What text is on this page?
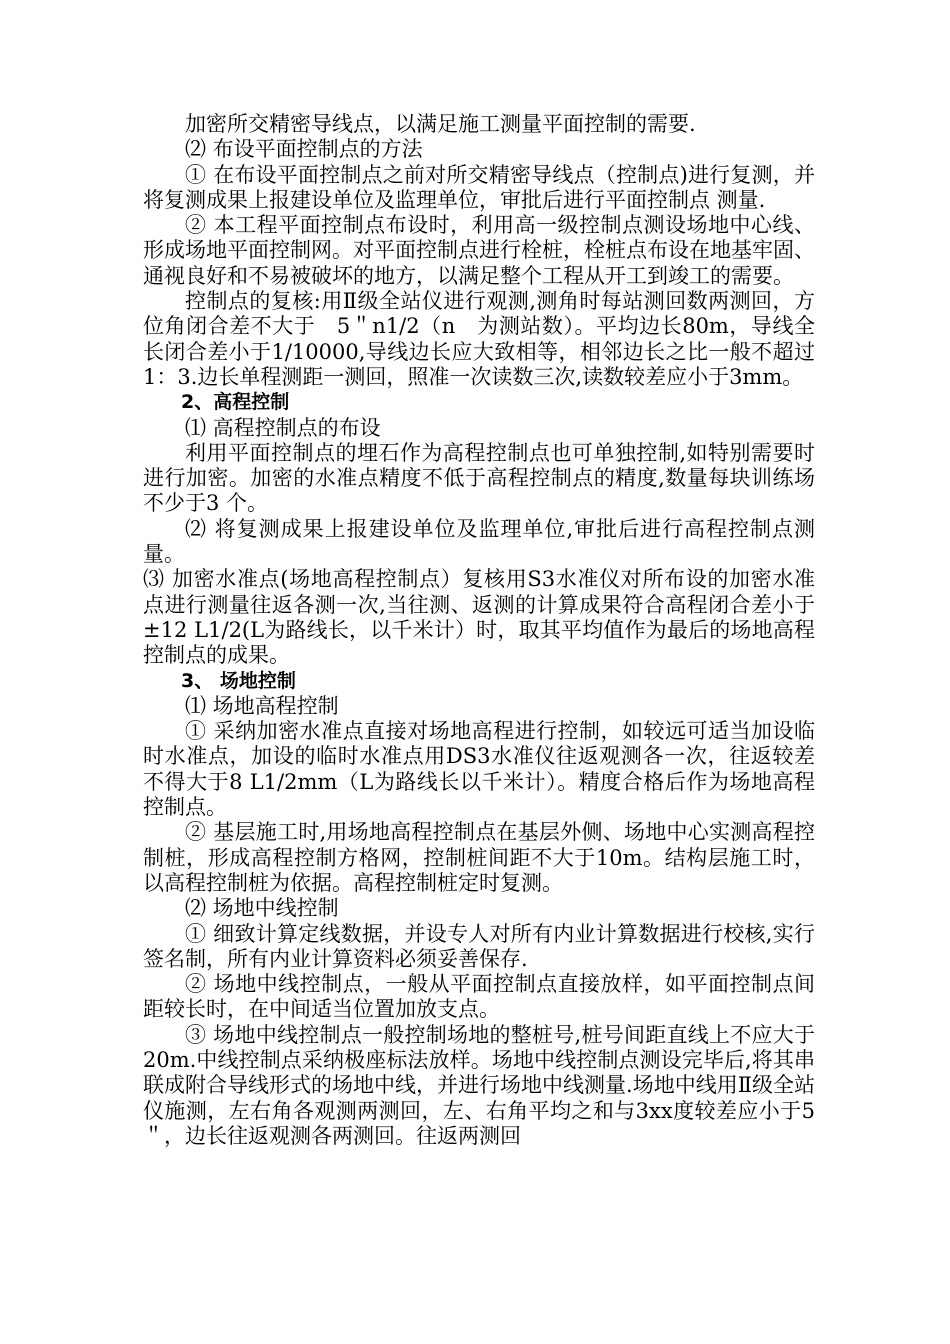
加密所交精密导线点，以满足施工测量平面控制的需要.

⑵ 布设平面控制点的方法

① 在布设平面控制点之前对所交精密导线点（控制点)进行复测，并将复测成果上报建设单位及监理单位，审批后进行平面控制点 测量.

② 本工程平面控制点布设时，利用高一级控制点测设场地中心线、形成场地平面控制网。对平面控制点进行栓桩，栓桩点布设在地基牢固、通视良好和不易被破坏的地方，以满足整个工程从开工到竣工的需要。

控制点的复核:用Ⅱ级全站仪进行观测,测角时每站测回数两测回，方位角闭合差不大于　5＂n1/2（n　为测站数）。平均边长80m，导线全长闭合差小于1/10000,导线边长应大致相等，相邻边长之比一般不超过　1：3.边长单程测距一测回，照准一次读数三次,读数较差应小于3mm。

2、高程控制

⑴ 高程控制点的布设

利用平面控制点的埋石作为高程控制点也可单独控制,如特别需要时进行加密。加密的水准点精度不低于高程控制点的精度,数量每块训练场不少于3 个。

⑵ 将复测成果上报建设单位及监理单位,审批后进行高程控制点测量。

⑶ 加密水准点(场地高程控制点）复核用S3水准仪对所布设的加密水准点进行测量往返各测一次,当往测、返测的计算成果符合高程闭合差小于±12 L1/2(L为路线长，以千米计）时，取其平均值作为最后的场地高程控制点的成果。

3、 场地控制

⑴ 场地高程控制

① 采纳加密水准点直接对场地高程进行控制，如较远可适当加设临时水准点，加设的临时水准点用DS3水准仪往返观测各一次，往返较差不得大于8 L1/2mm（L为路线长以千米计）。精度合格后作为场地高程控制点。

② 基层施工时,用场地高程控制点在基层外侧、场地中心实测高程控制桩，形成高程控制方格网，控制桩间距不大于10m。结构层施工时，以高程控制桩为依据。高程控制桩定时复测。

⑵ 场地中线控制

① 细致计算定线数据，并设专人对所有内业计算数据进行校核,实行签名制，所有内业计算资料必须妥善保存.

② 场地中线控制点，一般从平面控制点直接放样，如平面控制点间距较长时，在中间适当位置加放支点。

③ 场地中线控制点一般控制场地的整桩号,桩号间距直线上不应大于20m.中线控制点采纳极座标法放样。场地中线控制点测设完毕后,将其串联成附合导线形式的场地中线，并进行场地中线测量.场地中线用Ⅱ级全站仪施测，左右角各观测两测回，左、右角平均之和与3xx度较差应小于5＂，边长往返观测各两测回。往返两测回
